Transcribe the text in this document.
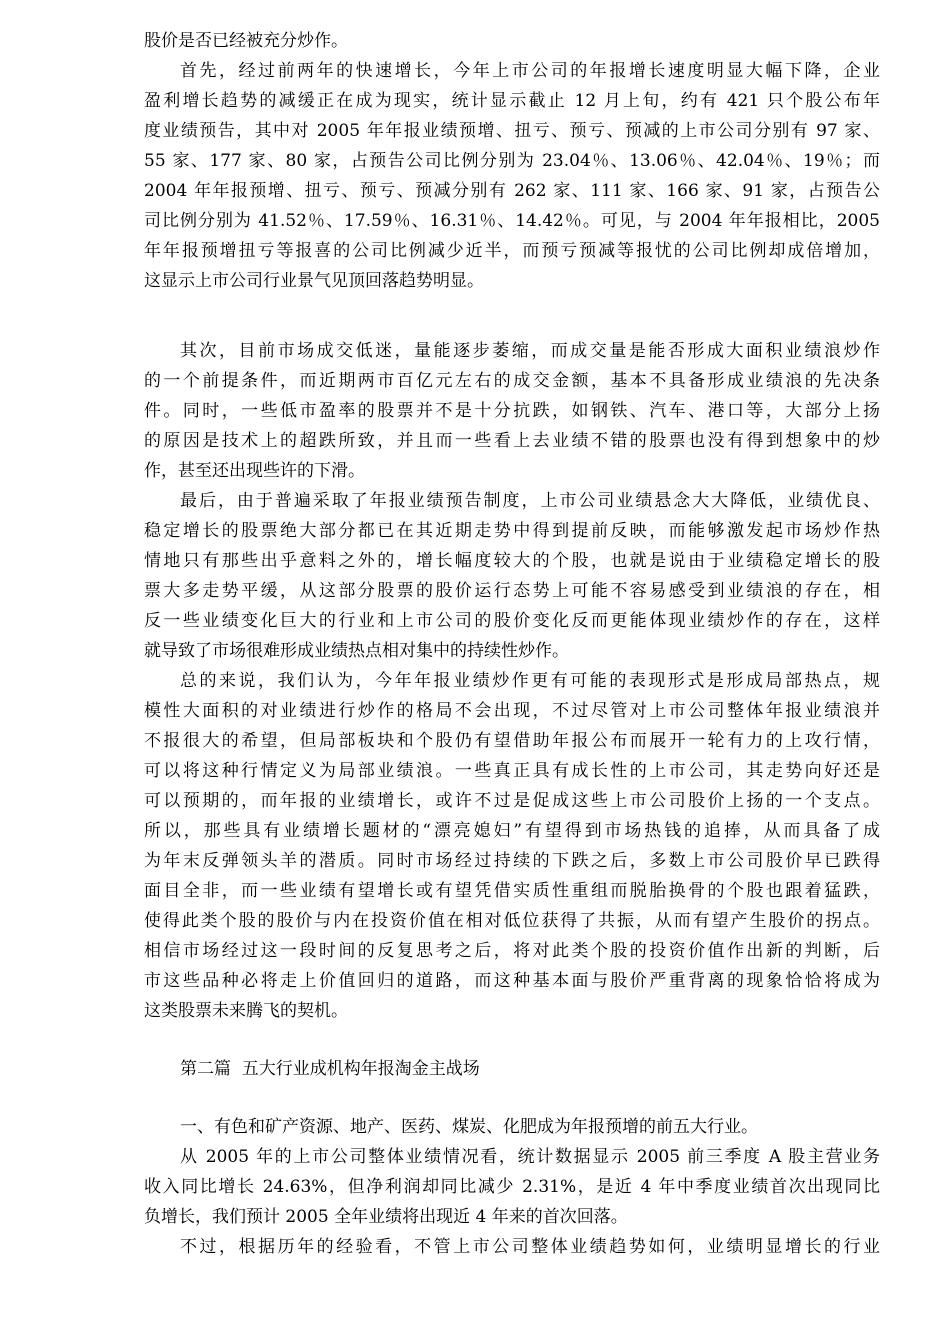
股价是否已经被充分炒作。
首先，经过前两年的快速增长，今年上市公司的年报增长速度明显大幅下降，企业
盈利增长趋势的减缓正在成为现实，统计显示截止 12 月上旬，约有 421 只个股公布年
度业绩预告，其中对 2005 年年报业绩预增、扭亏、预亏、预减的上市公司分别有 97 家、
55 家、177 家、80 家，占预告公司比例分别为 23.04％、13.06％、42.04％、19％；而
2004 年年报预增、扭亏、预亏、预减分别有 262 家、111 家、166 家、91 家，占预告公
司比例分别为 41.52％、17.59％、16.31％、14.42％。可见，与 2004 年年报相比，2005
年年报预增扭亏等报喜的公司比例减少近半，而预亏预减等报忧的公司比例却成倍增加，
这显示上市公司行业景气见顶回落趋势明显。
其次，目前市场成交低迷，量能逐步萎缩，而成交量是能否形成大面积业绩浪炒作
的一个前提条件，而近期两市百亿元左右的成交金额，基本不具备形成业绩浪的先决条
件。同时，一些低市盈率的股票并不是十分抗跌，如钢铁、汽车、港口等，大部分上扬
的原因是技术上的超跌所致，并且而一些看上去业绩不错的股票也没有得到想象中的炒
作，甚至还出现些许的下滑。
最后，由于普遍采取了年报业绩预告制度，上市公司业绩悬念大大降低，业绩优良、
稳定增长的股票绝大部分都已在其近期走势中得到提前反映，而能够激发起市场炒作热
情地只有那些出乎意料之外的，增长幅度较大的个股，也就是说由于业绩稳定增长的股
票大多走势平缓，从这部分股票的股价运行态势上可能不容易感受到业绩浪的存在，相
反一些业绩变化巨大的行业和上市公司的股价变化反而更能体现业绩炒作的存在，这样
就导致了市场很难形成业绩热点相对集中的持续性炒作。
总的来说，我们认为，今年年报业绩炒作更有可能的表现形式是形成局部热点，规
模性大面积的对业绩进行炒作的格局不会出现，不过尽管对上市公司整体年报业绩浪并
不报很大的希望，但局部板块和个股仍有望借助年报公布而展开一轮有力的上攻行情，
可以将这种行情定义为局部业绩浪。一些真正具有成长性的上市公司，其走势向好还是
可以预期的，而年报的业绩增长，或许不过是促成这些上市公司股价上扬的一个支点。
所以，那些具有业绩增长题材的“漂亮媳妇”有望得到市场热钱的追捧，从而具备了成
为年末反弹领头羊的潜质。同时市场经过持续的下跌之后，多数上市公司股价早已跌得
面目全非，而一些业绩有望增长或有望凭借实质性重组而脱胎换骨的个股也跟着猛跌，
使得此类个股的股价与内在投资价值在相对低位获得了共振，从而有望产生股价的拐点。
相信市场经过这一段时间的反复思考之后，将对此类个股的投资价值作出新的判断，后
市这些品种必将走上价值回归的道路，而这种基本面与股价严重背离的现象恰恰将成为
这类股票未来腾飞的契机。
第二篇  五大行业成机构年报淘金主战场
一、有色和矿产资源、地产、医药、煤炭、化肥成为年报预增的前五大行业。
从 2005 年的上市公司整体业绩情况看，统计数据显示 2005 前三季度 A 股主营业务
收入同比增长 24.63%，但净利润却同比减少 2.31%，是近 4 年中季度业绩首次出现同比
负增长，我们预计 2005 全年业绩将出现近 4 年来的首次回落。
不过，根据历年的经验看，不管上市公司整体业绩趋势如何，业绩明显增长的行业
